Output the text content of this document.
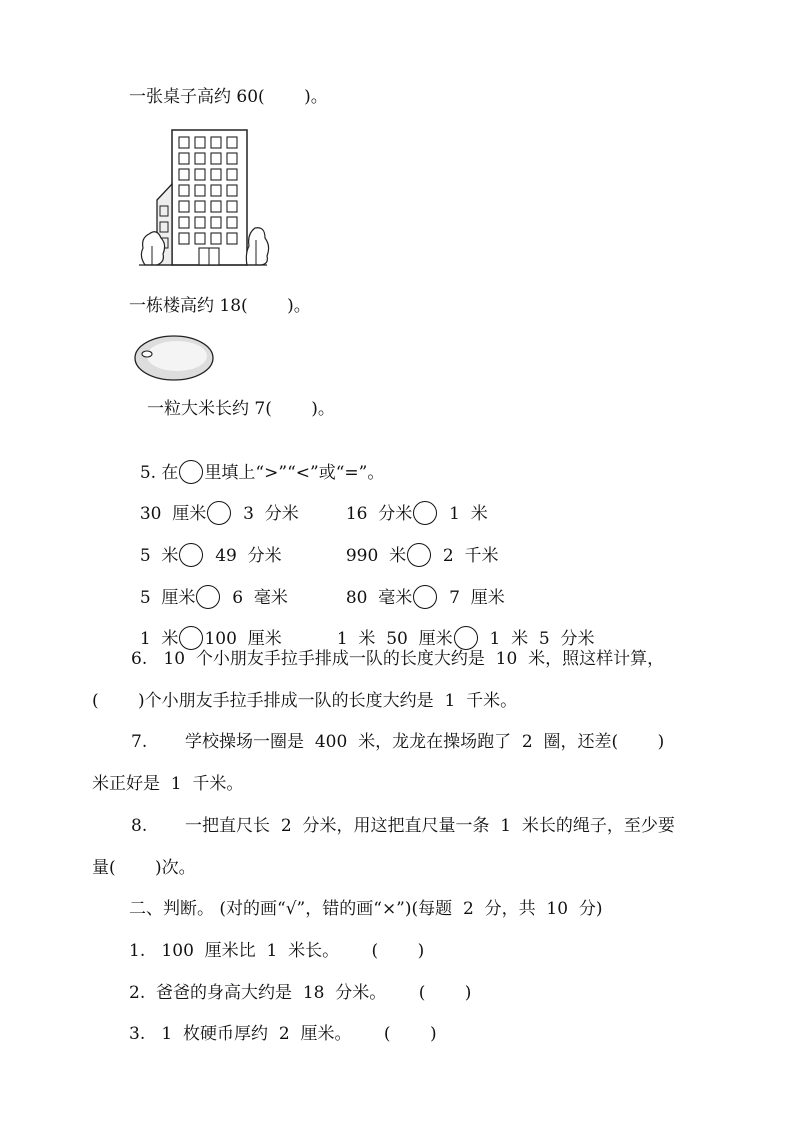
一张桌子高约 60(　　 )。
一栋楼高约 18(　　 )。
一粒大米长约 7(　　 )。

5. 在 里填上“>”“<”或“=”。

30  厘米  3  分米	16  分米  1  米

5  米  49  分米	990  米  2  千米

5  厘米  6  毫米	80  毫米  7  厘米

1  米 100  厘米	1  米  50  厘米  1  米  5  分米

6.   10  个小朋友手拉手排成一队的长度大约是  10  米，照这样计算，
(　　 )个小朋友手拉手排成一队的长度大约是  1  千米。
7.       学校操场一圈是  400  米，龙龙在操场跑了  2  圈，还差(　　 )
米正好是  1  千米。
8.       一把直尺长  2  分米，用这把直尺量一条  1  米长的绳子，至少要
量(　　 )次。
二、判断。 (对的画“√”，错的画“×”)(每题  2  分，共  10  分)
1.   100  厘米比  1  米长。      (　　 )
2.  爸爸的身高大约是  18  分米。      (　　 )
3.   1  枚硬币厚约  2  厘米。      (　　 )
